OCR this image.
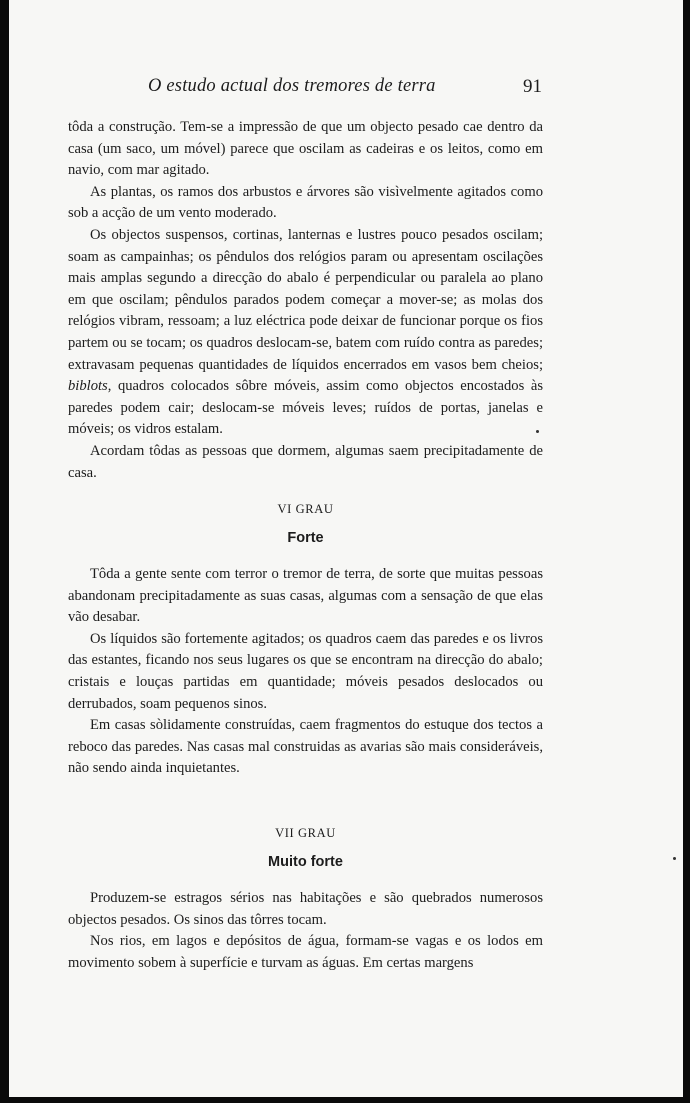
O estudo actual dos tremores de terra	91

tôda a construção. Tem-se a impressão de que um objecto pesado cae dentro da casa (um saco, um móvel) parece que oscilam as cadeiras e os leitos, como em navio, com mar agitado.

As plantas, os ramos dos arbustos e árvores são visìvelmente agitados como sob a acção de um vento moderado.

Os objectos suspensos, cortinas, lanternas e lustres pouco pesados oscilam; soam as campainhas; os pêndulos dos relógios param ou apresentam oscilações mais amplas segundo a direcção do abalo é perpendicular ou paralela ao plano em que oscilam; pêndulos parados podem começar a mover-se; as molas dos relógios vibram, ressoam; a luz eléctrica pode deixar de funcionar porque os fios partem ou se tocam; os quadros deslocam-se, batem com ruído contra as paredes; extravasam pequenas quantidades de líquidos encerrados em vasos bem cheios; biblots, quadros colocados sôbre móveis, assim como objectos encostados às paredes podem cair; deslocam-se móveis leves; ruídos de portas, janelas e móveis; os vidros estalam.

Acordam tôdas as pessoas que dormem, algumas saem precipitadamente de casa.

VI GRAU
Forte

Tôda a gente sente com terror o tremor de terra, de sorte que muitas pessoas abandonam precipitadamente as suas casas, algumas com a sensação de que elas vão desabar.

Os líquidos são fortemente agitados; os quadros caem das paredes e os livros das estantes, ficando nos seus lugares os que se encontram na direcção do abalo; cristais e louças partidas em quantidade; móveis pesados deslocados ou derrubados, soam pequenos sinos.

Em casas sòlidamente construídas, caem fragmentos do estuque dos tectos a reboco das paredes. Nas casas mal construidas as avarias são mais consideráveis, não sendo ainda inquietantes.

VII GRAU
Muito forte

Produzem-se estragos sérios nas habitações e são quebrados numerosos objectos pesados. Os sinos das tôrres tocam.

Nos rios, em lagos e depósitos de água, formam-se vagas e os lodos em movimento sobem à superfície e turvam as águas. Em certas margens
